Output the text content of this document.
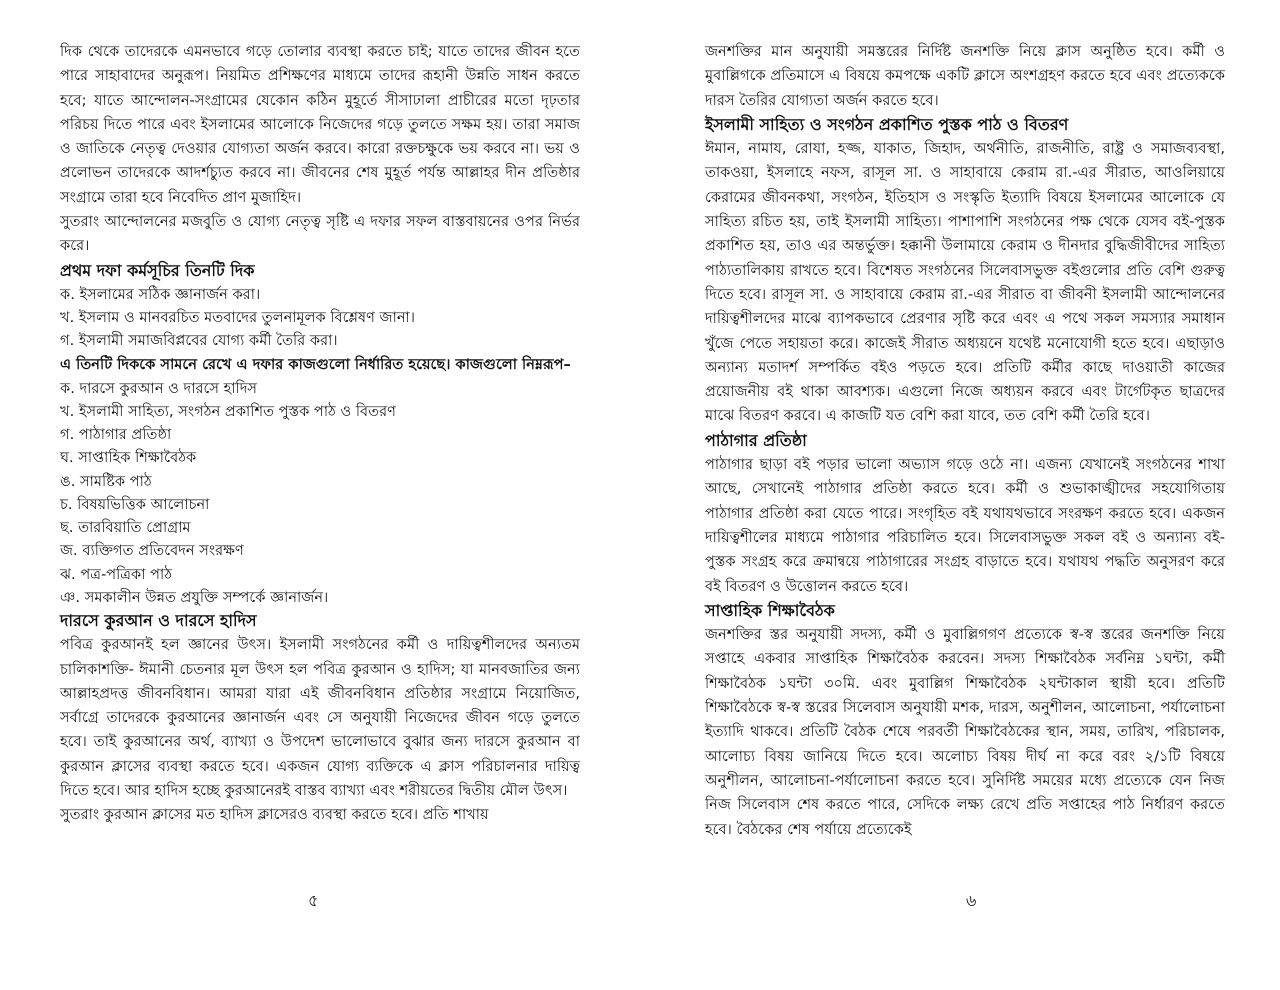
দিক থেকে তাদেরকে এমনভাবে গড়ে তোলার ব্যবস্থা করতে চাই; যাতে তাদের জীবন হতে পারে সাহাবাদের অনুরূপ। নিয়মিত প্রশিক্ষণের মাধ্যমে তাদের রূহানী উন্নতি সাধন করতে হবে; যাতে আন্দোলন-সংগ্রামের যেকোন কঠিন মুহূর্তে সীসাঢালা প্রাচীরের মতো দৃঢ়তার পরিচয় দিতে পারে এবং ইসলামের আলোকে নিজেদের গড়ে তুলতে সক্ষম হয়। তারা সমাজ ও জাতিকে নেতৃত্ব দেওয়ার যোগ্যতা অর্জন করবে। কারো রক্তচক্ষুকে ভয় করবে না। ভয় ও প্রলোভন তাদেরকে আদর্শচ্যুত করবে না। জীবনের শেষ মুহূর্ত পর্যন্ত আল্লাহর দীন প্রতিষ্ঠার সংগ্রামে তারা হবে নিবেদিত প্রাণ মুজাহিদ।

সুতরাং আন্দোলনের মজবুতি ও যোগ্য নেতৃত্ব সৃষ্টি এ দফার সফল বাস্তবায়নের ওপর নির্ভর করে।

প্রথম দফা কর্মসূচির তিনটি দিক
ক. ইসলামের সঠিক জ্ঞানার্জন করা।
খ. ইসলাম ও মানবরচিত মতবাদের তুলনামূলক বিশ্লেষণ জানা।
গ. ইসলামী সমাজবিপ্লবের যোগ্য কর্মী তৈরি করা।

এ তিনটি দিককে সামনে রেখে এ দফার কাজগুলো নির্ধারিত হয়েছে। কাজগুলো নিম্নরূপ–

ক. দারসে কুরআন ও দারসে হাদিস
খ. ইসলামী সাহিত্য, সংগঠন প্রকাশিত পুস্তক পাঠ ও বিতরণ
গ. পাঠাগার প্রতিষ্ঠা
ঘ. সাপ্তাহিক শিক্ষাবৈঠক
ঙ. সামষ্টিক পাঠ
চ. বিষয়ভিত্তিক আলোচনা
ছ. তারবিয়াতি প্রোগ্রাম
জ. ব্যক্তিগত প্রতিবেদন সংরক্ষণ
ঝ. পত্র-পত্রিকা পাঠ
ঞ. সমকালীন উন্নত প্রযুক্তি সম্পর্কে জ্ঞানার্জন।
দারসে কুরআন ও দারসে হাদিস

পবিত্র কুরআনই হল জ্ঞানের উৎস। ইসলামী সংগঠনের কর্মী ও দায়িত্বশীলদের অন্যতম চালিকাশক্তি- ঈমানী চেতনার মূল উৎস হল পবিত্র কুরআন ও হাদিস; যা মানবজাতির জন্য আল্লাহপ্রদত্ত জীবনবিধান। আমরা যারা এই জীবনবিধান প্রতিষ্ঠার সংগ্রামে নিয়োজিত, সর্বাগ্রে তাদেরকে কুরআনের জ্ঞানার্জন এবং সে অনুযায়ী নিজেদের জীবন গড়ে তুলতে হবে। তাই কুরআনের অর্থ, ব্যাখ্যা ও উপদেশ ভালোভাবে বুঝার জন্য দারসে কুরআন বা কুরআন ক্লাসের ব্যবস্থা করতে হবে। একজন যোগ্য ব্যক্তিকে এ ক্লাস পরিচালনার দায়িত্ব দিতে হবে। আর হাদিস হচ্ছে কুরআনেরই বাস্তব ব্যাখ্যা এবং শরীয়তের দ্বিতীয় মৌল উৎস।

সুতরাং কুরআন ক্লাসের মত হাদিস ক্লাসেরও ব্যবস্থা করতে হবে। প্রতি শাখায়

৫

জনশক্তির মান অনুযায়ী সমস্তরের নির্দিষ্ট জনশক্তি নিয়ে ক্লাস অনুষ্ঠিত হবে। কর্মী ও মুবাল্লিগকে প্রতিমাসে এ বিষয়ে কমপক্ষে একটি ক্লাসে অংশগ্রহণ করতে হবে এবং প্রত্যেককে দারস তৈরির যোগ্যতা অর্জন করতে হবে।

ইসলামী সাহিত্য ও সংগঠন প্রকাশিত পুস্তক পাঠ ও বিতরণ

ঈমান, নামায, রোযা, হজ্জ, যাকাত, জিহাদ, অর্থনীতি, রাজনীতি, রাষ্ট্র ও সমাজব্যবস্থা, তাকওয়া, ইসলাহে নফস, রাসূল সা. ও সাহাবায়ে কেরাম রা.-এর সীরাত, আওলিয়ায়ে কেরামের জীবনকথা, সংগঠন, ইতিহাস ও সংস্কৃতি ইত্যাদি বিষয়ে ইসলামের আলোকে যে সাহিত্য রচিত হয়, তাই ইসলামী সাহিত্য। পাশাপাশি সংগঠনের পক্ষ থেকে যেসব বই-পুস্তক প্রকাশিত হয়, তাও এর অন্তর্ভুক্ত। হক্কানী উলামায়ে কেরাম ও দীনদার বুদ্ধিজীবীদের সাহিত্য পাঠ্যতালিকায় রাখতে হবে। বিশেষত সংগঠনের সিলেবাসভুক্ত বইগুলোর প্রতি বেশি গুরুত্ব দিতে হবে। রাসূল সা. ও সাহাবায়ে কেরাম রা.-এর সীরাত বা জীবনী ইসলামী আন্দোলনের দায়িত্বশীলদের মাঝে ব্যাপকভাবে প্রেরণার সৃষ্টি করে এবং এ পথে সকল সমস্যার সমাধান খুঁজে পেতে সহায়তা করে। কাজেই সীরাত অধ্যয়নে যথেষ্ট মনোযোগী হতে হবে। এছাড়াও অন্যান্য মতাদর্শ সম্পর্কিত বইও পড়তে হবে। প্রতিটি কর্মীর কাছে দাওয়াতী কাজের প্রয়োজনীয় বই থাকা আবশ্যক। এগুলো নিজে অধ্যয়ন করবে এবং টার্গেটকৃত ছাত্রদের মাঝে বিতরণ করবে। এ কাজটি যত বেশি করা যাবে, তত বেশি কর্মী তৈরি হবে।

পাঠাগার প্রতিষ্ঠা

পাঠাগার ছাড়া বই পড়ার ভালো অভ্যাস গড়ে ওঠে না। এজন্য যেখানেই সংগঠনের শাখা আছে, সেখানেই পাঠাগার প্রতিষ্ঠা করতে হবে। কর্মী ও শুভাকাঙ্খীদের সহযোগিতায় পাঠাগার প্রতিষ্ঠা করা যেতে পারে। সংগৃহিত বই যথাযথভাবে সংরক্ষণ করতে হবে। একজন দায়িত্বশীলের মাধ্যমে পাঠাগার পরিচালিত হবে। সিলেবাসভুক্ত সকল বই ও অন্যান্য বই-পুস্তক সংগ্রহ করে ক্রমান্বয়ে পাঠাগারের সংগ্রহ বাড়াতে হবে। যথাযথ পদ্ধতি অনুসরণ করে বই বিতরণ ও উত্তোলন করতে হবে।

সাপ্তাহিক শিক্ষাবৈঠক

জনশক্তির স্তর অনুযায়ী সদস্য, কর্মী ও মুবাল্লিগগণ প্রত্যেকে স্ব-স্ব স্তরের জনশক্তি নিয়ে সপ্তাহে একবার সাপ্তাহিক শিক্ষাবৈঠক করবেন। সদস্য শিক্ষাবৈঠক সর্বনিম্ন ১ঘন্টা, কর্মী শিক্ষাবৈঠক ১ঘন্টা ৩০মি. এবং মুবাল্লিগ শিক্ষাবৈঠক ২ঘন্টাকাল স্থায়ী হবে। প্রতিটি শিক্ষাবৈঠকে স্ব-স্ব স্তরের সিলেবাস অনুযায়ী মশক, দারস, অনুশীলন, আলোচনা, পর্যালোচনা ইত্যাদি থাকবে। প্রতিটি বৈঠক শেষে পরবর্তী শিক্ষাবৈঠকের স্থান, সময়, তারিখ, পরিচালক, আলোচ্য বিষয় জানিয়ে দিতে হবে। অলোচ্য বিষয় দীর্ঘ না করে বরং ২/১টি বিষয়ে অনুশীলন, আলোচনা-পর্যালোচনা করতে হবে। সুনির্দিষ্ট সময়ের মধ্যে প্রত্যেকে যেন নিজ নিজ সিলেবাস শেষ করতে পারে, সেদিকে লক্ষ্য রেখে প্রতি সপ্তাহের পাঠ নির্ধারণ করতে হবে। বৈঠকের শেষ পর্যায়ে প্রত্যেকেই

৬
